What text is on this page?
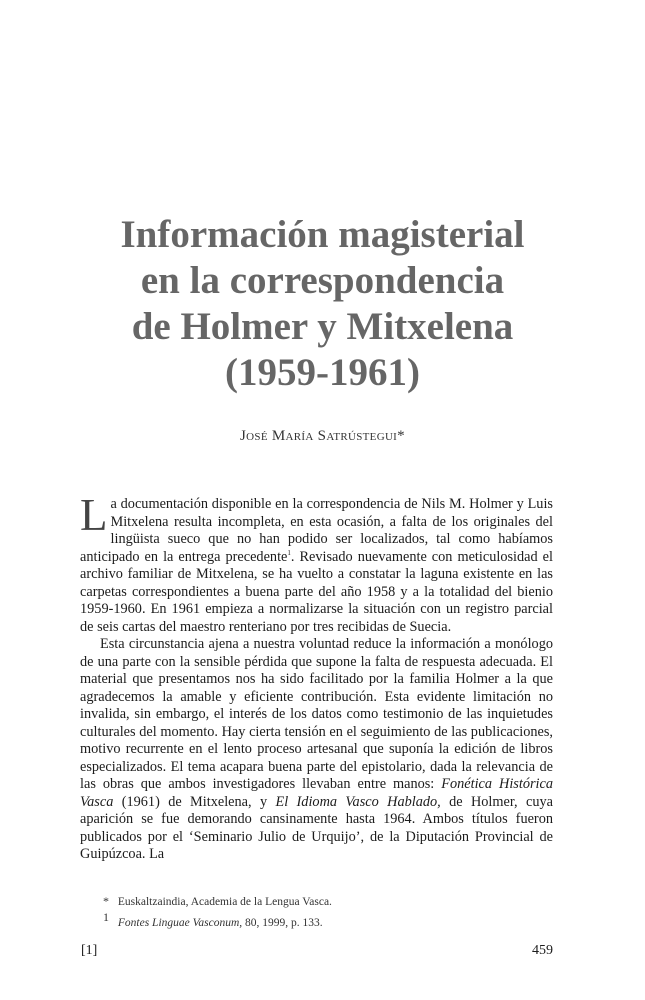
Información magisterial
en la correspondencia
de Holmer y Mitxelena
(1959-1961)
José María Satrústegui*

La documentación disponible en la correspondencia de Nils M. Holmer y Luis Mitxelena resulta incompleta, en esta ocasión, a falta de los originales del lingüista sueco que no han podido ser localizados, tal como habíamos anticipado en la entrega precedente$^1$. Revisado nuevamente con meticulosidad el archivo familiar de Mitxelena, se ha vuelto a constatar la laguna existente en las carpetas correspondientes a buena parte del año 1958 y a la totalidad del bienio 1959-1960. En 1961 empieza a normalizarse la situación con un registro parcial de seis cartas del maestro renteriano por tres recibidas de Suecia.

Esta circunstancia ajena a nuestra voluntad reduce la información a monólogo de una parte con la sensible pérdida que supone la falta de respuesta adecuada. El material que presentamos nos ha sido facilitado por la familia Holmer a la que agradecemos la amable y eficiente contribución. Esta evidente limitación no invalida, sin embargo, el interés de los datos como testimonio de las inquietudes culturales del momento. Hay cierta tensión en el seguimiento de las publicaciones, motivo recurrente en el lento proceso artesanal que suponía la edición de libros especializados. El tema acapara buena parte del epistolario, dada la relevancia de las obras que ambos investigadores llevaban entre manos: Fonética Histórica Vasca (1961) de Mitxelena, y El Idioma Vasco Hablado, de Holmer, cuya aparición se fue demorando cansinamente hasta 1964. Ambos títulos fueron publicados por el ‘Seminario Julio de Urquijo’, de la Diputación Provincial de Guipúzcoa. La

* Euskaltzaindia, Academia de la Lengua Vasca.

$^1$ Fontes Linguae Vasconum, 80, 1999, p. 133.

[1]	459
